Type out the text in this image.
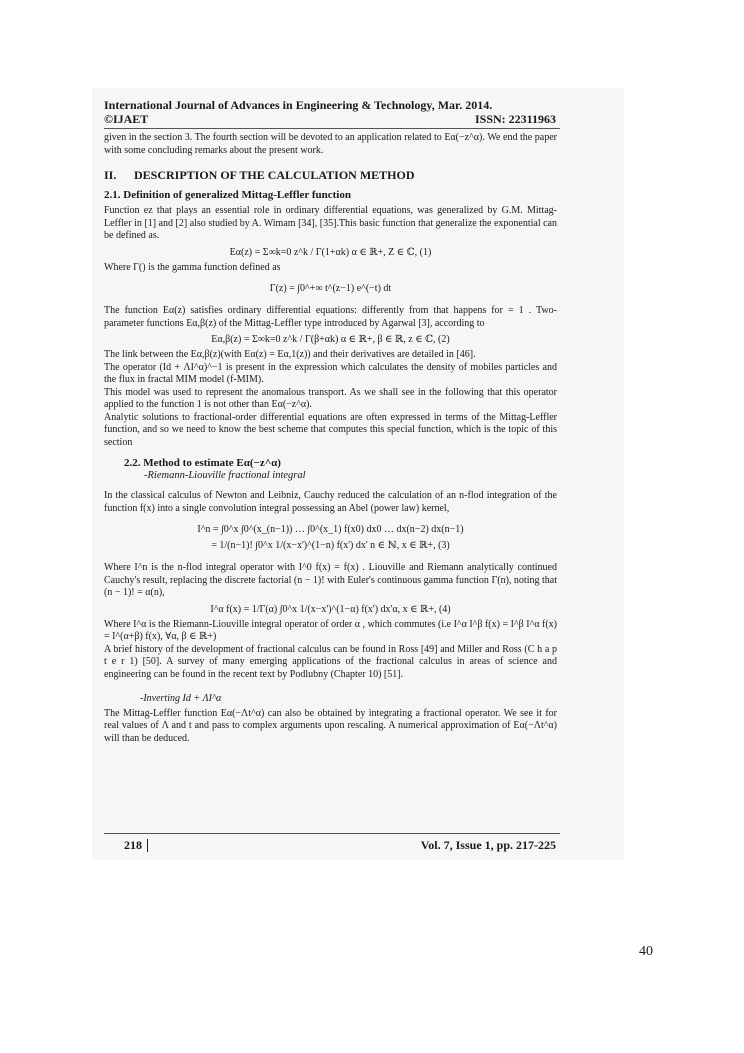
International Journal of Advances in Engineering & Technology, Mar. 2014.
©IJAET	ISSN: 22311963

given in the section 3. The fourth section will be devoted to an application related to Eα(−z^α). We end the paper with some concluding remarks about the present work.

II. DESCRIPTION OF THE CALCULATION METHOD
2.1. Definition of generalized Mittag-Leffler function

Function ez that plays an essential role in ordinary differential equations, was generalized by G.M. Mittag-Leffler in [1] and [2] also studied by A. Wimam [34], [35].This basic function that generalize the exponential can be defined as.

Eα(z) = Σ∞k=0 z^k / Γ(1+αk) α ∈ ℝ+, Z ∈ ℂ, (1)

Where Γ() is the gamma function defined as

Γ(z) = ∫0^+∞ t^(z−1) e^(−t) dt

The function Eα(z) satisfies ordinary differential equations: differently from that happens for = 1 . Two-parameter functions Eα,β(z) of the Mittag-Leffler type introduced by Agarwal [3], according to

Eα,β(z) = Σ∞k=0 z^k / Γ(β+αk) α ∈ ℝ+, β ∈ ℝ, z ∈ ℂ, (2)

The link between the Eα,β(z)(with Eα(z) = Eα,1(z)) and their derivatives are detailed in [46].

The operator (Id + ΛI^α)^−1 is present in the expression which calculates the density of mobiles particles and the flux in fractal MIM model (f-MIM).

This model was used to represent the anomalous transport. As we shall see in the following that this operator applied to the function 1 is not other than Eα(−z^α).

Analytic solutions to fractional-order differential equations are often expressed in terms of the Mittag-Leffler function, and so we need to know the best scheme that computes this special function, which is the topic of this section

2.2. Method to estimate Eα(−z^α)
-Riemann-Liouville fractional integral

In the classical calculus of Newton and Leibniz, Cauchy reduced the calculation of an n-flod integration of the function f(x) into a single convolution integral possessing an Abel (power law) kernel,

I^n = ∫0^x ∫0^(x_(n−1)) … ∫0^(x_1) f(x0) dx0 … dx(n−2) dx(n−1)
= 1/(n−1)! ∫0^x 1/(x−x')^(1−n) f(x') dx' n ∈ ℕ, x ∈ ℝ+, (3)

Where I^n is the n-flod integral operator with I^0 f(x) = f(x) . Liouville and Riemann analytically continued Cauchy's result, replacing the discrete factorial (n − 1)! with Euler's continuous gamma function Γ(n), noting that (n − 1)! = α(n),

I^α f(x) = 1/Γ(α) ∫0^x 1/(x−x')^(1−α) f(x') dx'α, x ∈ ℝ+, (4)

Where I^α is the Riemann-Liouville integral operator of order α , which commutes (i.e I^α I^β f(x) = I^β I^α f(x) = I^(α+β) f(x), ∀α, β ∈ ℝ+)

A brief history of the development of fractional calculus can be found in Ross [49] and Miller and Ross (C h a p t e r 1) [50]. A survey of many emerging applications of the fractional calculus in areas of science and engineering can be found in the recent text by Podlubny (Chapter 10) [51].

-Inverting Id + ΛI^α

The Mittag-Leffler function Eα(−Λt^α) can also be obtained by integrating a fractional operator. We see it for real values of Λ and t and pass to complex arguments upon rescaling. A numerical approximation of Eα(−Λt^α) will than be deduced.

218	Vol. 7, Issue 1, pp. 217-225
40
